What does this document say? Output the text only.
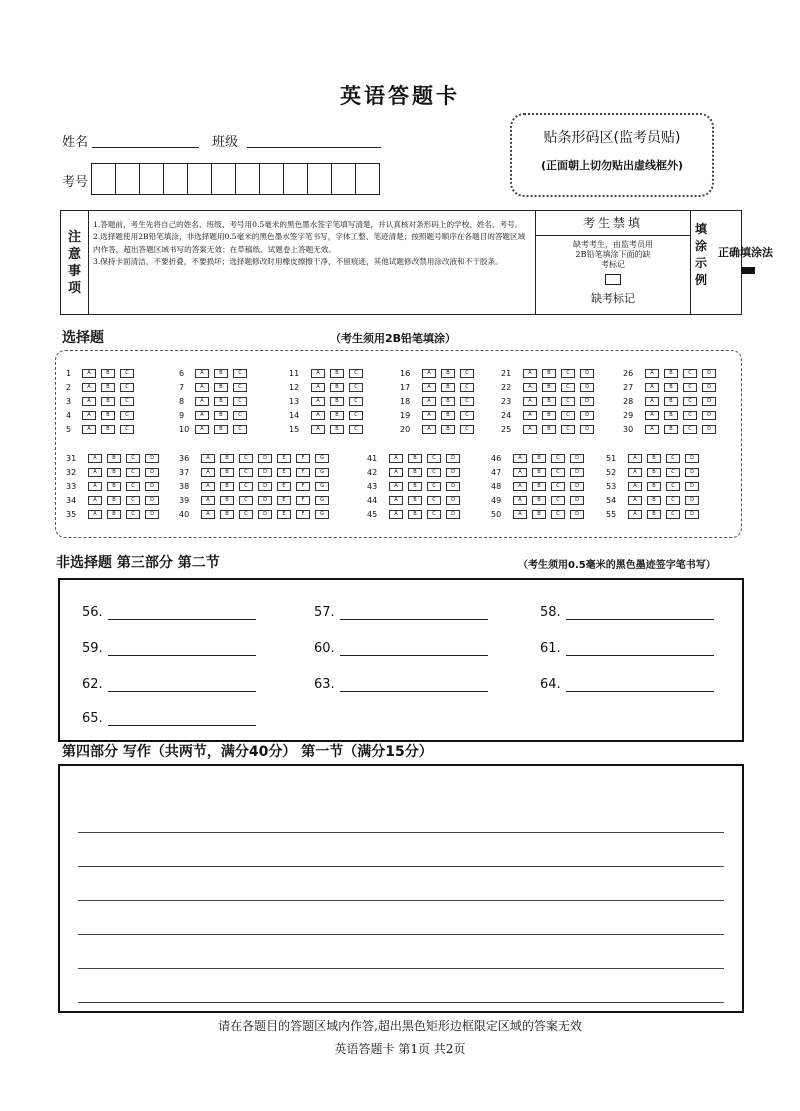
英语答题卡
姓名	班级
考号
贴条形码区(监考员贴)
(正面朝上切勿贴出虚线框外)
注
意
事
项
1.答题前，考生先将自己的姓名、班级、考号用0.5毫米的黑色墨水签字笔填写清楚，并认真核对条形码上的学校、姓名、考号。
2.选择题使用2B铅笔填涂，非选择题用0.5毫米的黑色墨水签字笔书写，字体工整、笔迹清楚；按照题号顺序在各题目的答题区域内作答，超出答题区域书写的答案无效；在草稿纸、试题卷上答题无效。
3.保持卡面清洁，不要折叠，不要损坏；选择题修改时用橡皮擦擦干净，不留痕迹，其他试题修改禁用涂改液和不干胶条。
考生禁填
缺考考生，由监考员用2B铅笔填涂下面的缺考标记
缺考标记
填
涂
示
例
正确填涂法
选择题	（考生须用2B铅笔填涂）
1	A	B	C
2	A	B	C
3	A	B	C
4	A	B	C
5	A	B	C
6	A	B	C
7	A	B	C
8	A	B	C
9	A	B	C
10	A	B	C
11	A	B	C
12	A	B	C
13	A	B	C
14	A	B	C
15	A	B	C
16	A	B	C
17	A	B	C
18	A	B	C
19	A	B	C
20	A	B	C
21	A	B	C	D
22	A	B	C	D
23	A	B	C	D
24	A	B	C	D
25	A	B	C	D
26	A	B	C	D
27	A	B	C	D
28	A	B	C	D
29	A	B	C	D
30	A	B	C	D
31	A	B	C	D
32	A	B	C	D
33	A	B	C	D
34	A	B	C	D
35	A	B	C	D
36	A	B	C	D	E	F	G
37	A	B	C	D	E	F	G
38	A	B	C	D	E	F	G
39	A	B	C	D	E	F	G
40	A	B	C	D	E	F	G
41	A	B	C	D
42	A	B	C	D
43	A	B	C	D
44	A	B	C	D
45	A	B	C	D
46	A	B	C	D
47	A	B	C	D
48	A	B	C	D
49	A	B	C	D
50	A	B	C	D
51	A	B	C	D
52	A	B	C	D
53	A	B	C	D
54	A	B	C	D
55	A	B	C	D
非选择题 第三部分 第二节	（考生须用0.5毫米的黑色墨迹签字笔书写）
56.	57.	58.
59.	60.	61.
62.	63.	64.
65.
第四部分 写作（共两节，满分40分） 第一节（满分15分）
请在各题目的答题区域内作答,超出黑色矩形边框限定区域的答案无效
英语答题卡 第1页 共2页
